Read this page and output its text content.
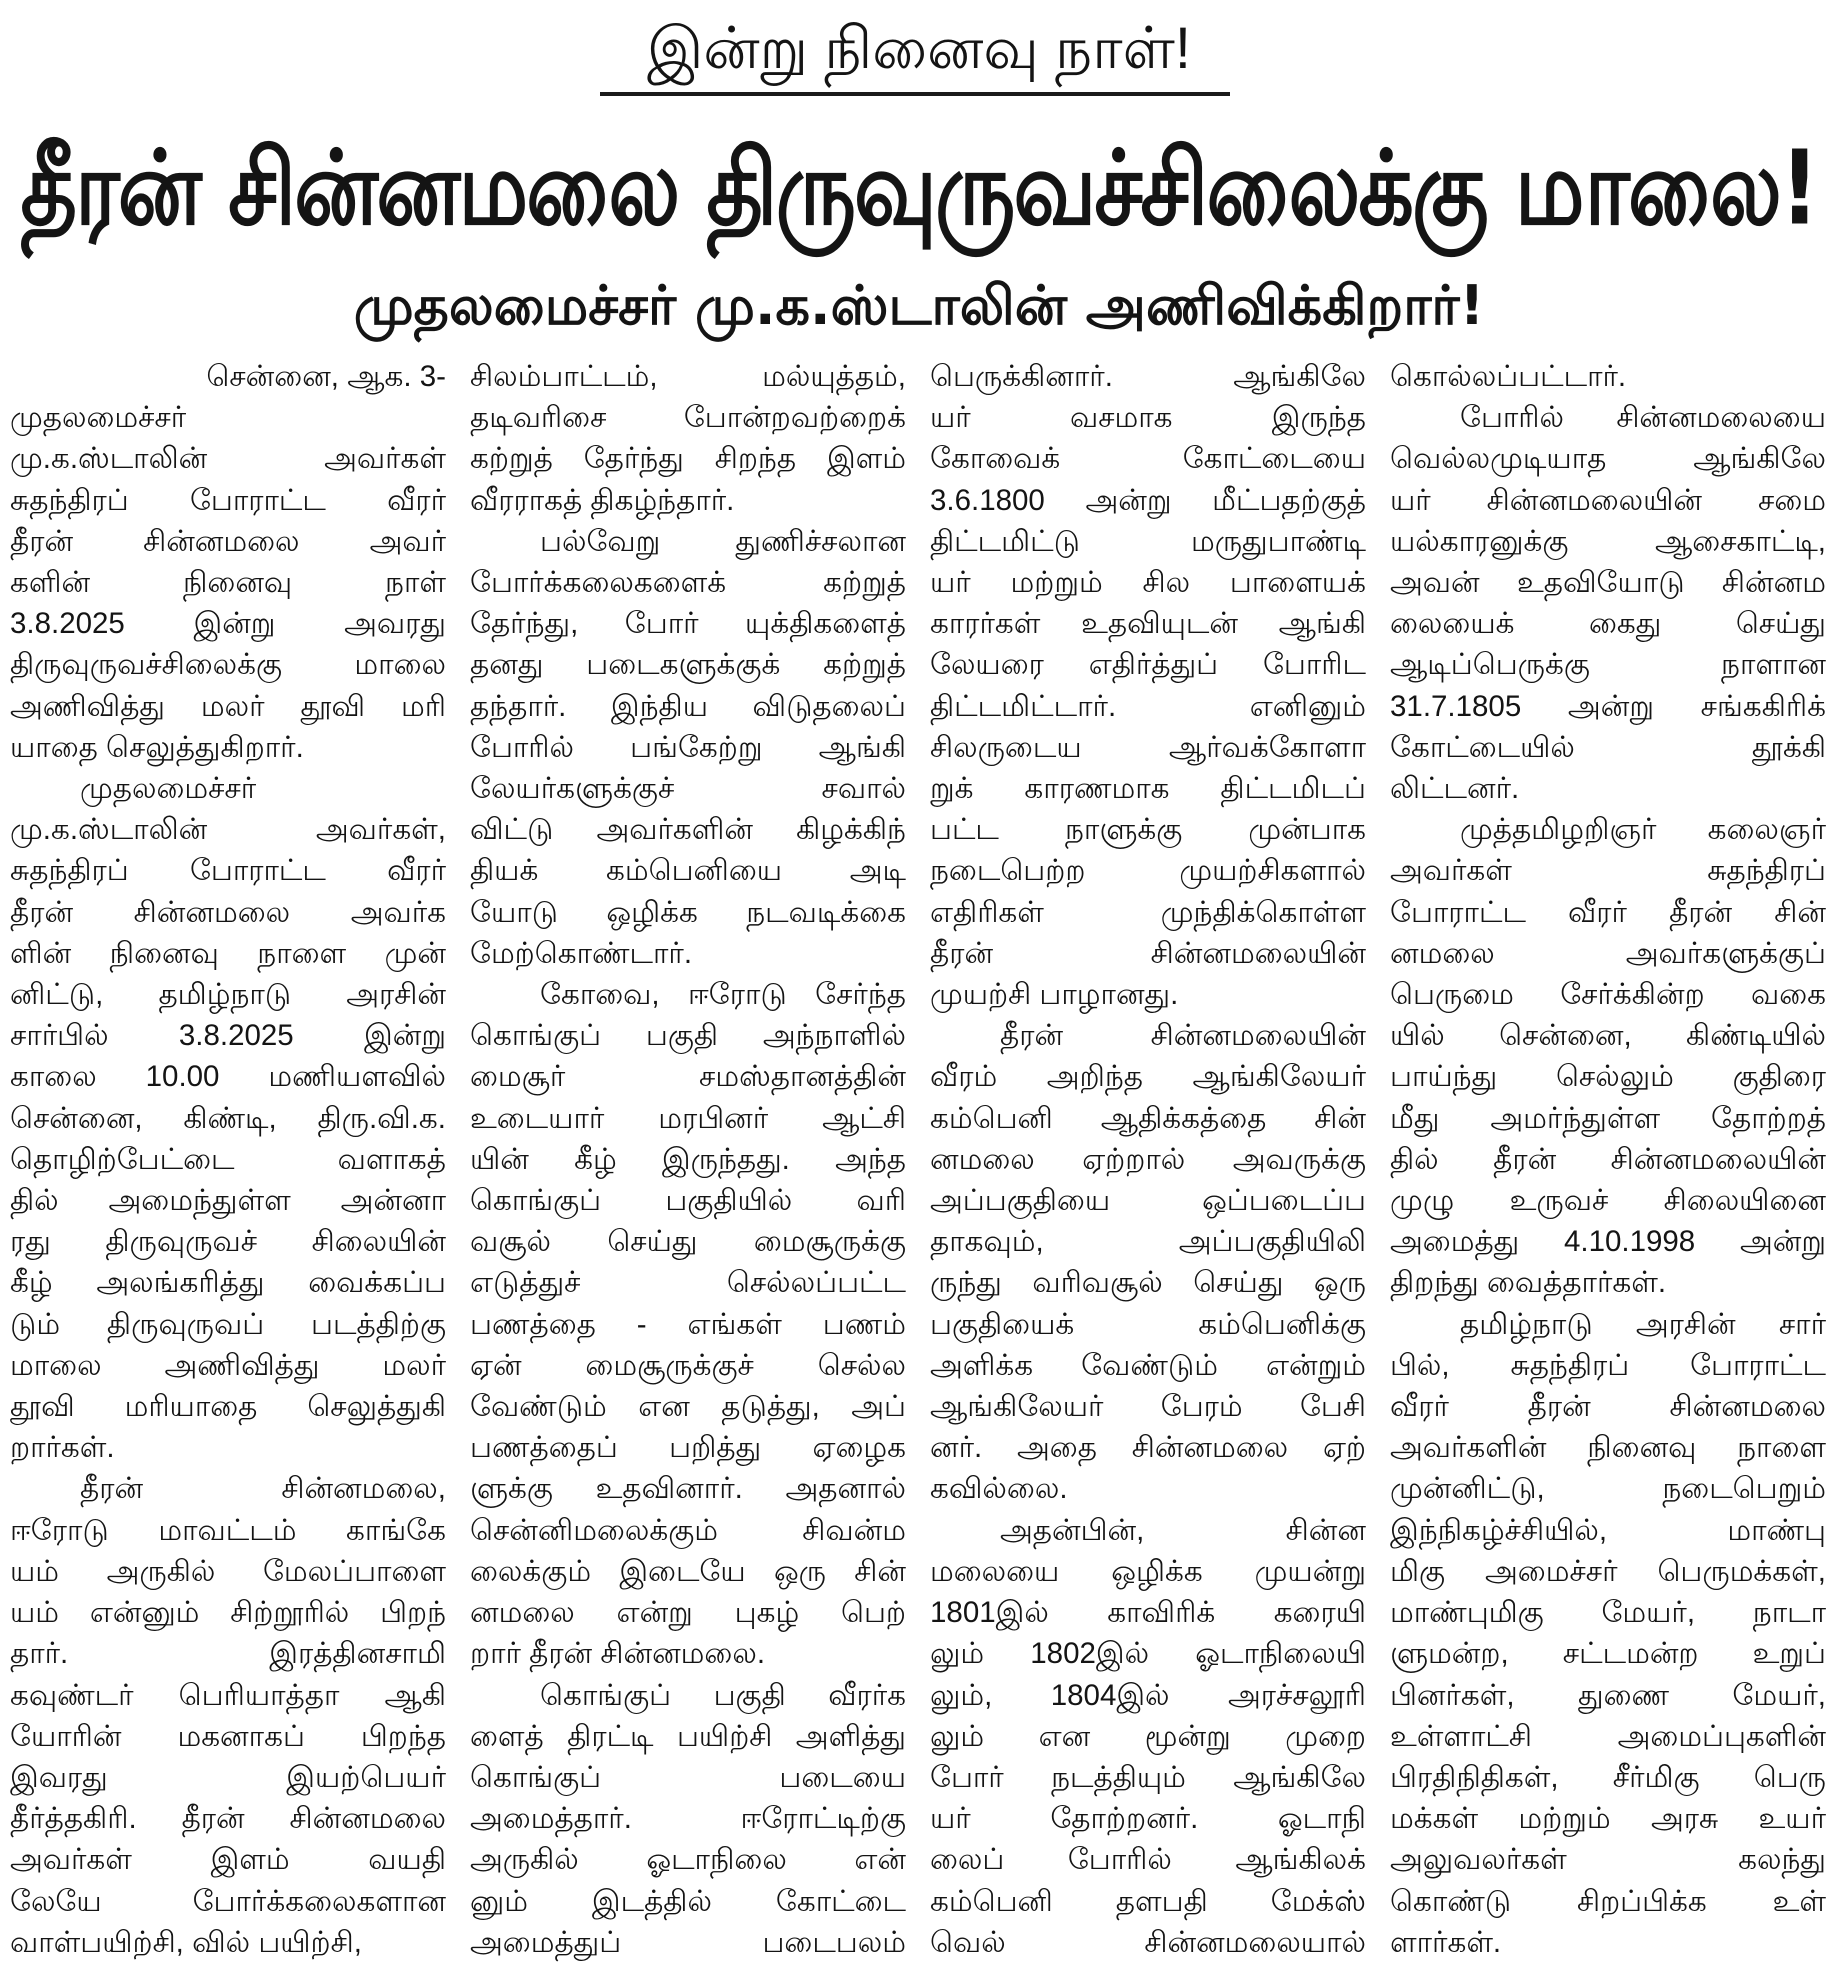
இன்று நினைவு நாள்!
தீரன் சின்னமலை திருவுருவச்சிலைக்கு மாலை!
முதலமைச்சர் மு.க.ஸ்டாலின் அணிவிக்கிறார்!

சென்னை, ஆக. 3-

முதலமைச்சர்

மு.க.ஸ்டாலின் அவர்கள்

சுதந்திரப் போராட்ட வீரர்

தீரன் சின்னமலை அவர்

களின் நினைவு நாள்

3.8.2025 இன்று அவரது

திருவுருவச்சிலைக்கு மாலை

அணிவித்து மலர் தூவி மரி

யாதை செலுத்துகிறார்.

முதலமைச்சர்

மு.க.ஸ்டாலின் அவர்கள்,

சுதந்திரப் போராட்ட வீரர்

தீரன் சின்னமலை அவர்க

ளின் நினைவு நாளை முன்

னிட்டு, தமிழ்நாடு அரசின்

சார்பில் 3.8.2025 இன்று

காலை 10.00 மணியளவில்

சென்னை, கிண்டி, திரு.வி.க.

தொழிற்பேட்டை வளாகத்

தில் அமைந்துள்ள அன்னா

ரது திருவுருவச் சிலையின்

கீழ் அலங்கரித்து வைக்கப்ப

டும் திருவுருவப் படத்திற்கு

மாலை அணிவித்து மலர்

தூவி மரியாதை செலுத்துகி

றார்கள்.

தீரன் சின்னமலை,

ஈரோடு மாவட்டம் காங்கே

யம் அருகில் மேலப்பாளை

யம் என்னும் சிற்றூரில் பிறந்

தார். இரத்தினசாமி

கவுண்டர் பெரியாத்தா ஆகி

யோரின் மகனாகப் பிறந்த

இவரது இயற்பெயர்

தீர்த்தகிரி. தீரன் சின்னமலை

அவர்கள் இளம் வயதி

லேயே போர்க்கலைகளான

வாள்பயிற்சி, வில் பயிற்சி,

சிலம்பாட்டம், மல்யுத்தம்,

தடிவரிசை போன்றவற்றைக்

கற்றுத் தேர்ந்து சிறந்த இளம்

வீரராகத் திகழ்ந்தார்.

பல்வேறு துணிச்சலான

போர்க்கலைகளைக் கற்றுத்

தேர்ந்து, போர் யுக்திகளைத்

தனது படைகளுக்குக் கற்றுத்

தந்தார். இந்திய விடுதலைப்

போரில் பங்கேற்று ஆங்கி

லேயர்களுக்குச் சவால்

விட்டு அவர்களின் கிழக்கிந்

தியக் கம்பெனியை அடி

யோடு ஒழிக்க நடவடிக்கை

மேற்கொண்டார்.

கோவை, ஈரோடு சேர்ந்த

கொங்குப் பகுதி அந்நாளில்

மைசூர் சமஸ்தானத்தின்

உடையார் மரபினர் ஆட்சி

யின் கீழ் இருந்தது. அந்த

கொங்குப் பகுதியில் வரி

வசூல் செய்து மைசூருக்கு

எடுத்துச் செல்லப்பட்ட

பணத்தை - எங்கள் பணம்

ஏன் மைசூருக்குச் செல்ல

வேண்டும் என தடுத்து, அப்

பணத்தைப் பறித்து ஏழைக

ளுக்கு உதவினார். அதனால்

சென்னிமலைக்கும் சிவன்ம

லைக்கும் இடையே ஒரு சின்

னமலை என்று புகழ் பெற்

றார் தீரன் சின்னமலை.

கொங்குப் பகுதி வீரர்க

ளைத் திரட்டி பயிற்சி அளித்து

கொங்குப் படையை

அமைத்தார். ஈரோட்டிற்கு

அருகில் ஓடாநிலை என்

னும் இடத்தில் கோட்டை

அமைத்துப் படைபலம்

பெருக்கினார். ஆங்கிலே

யர் வசமாக இருந்த

கோவைக் கோட்டையை

3.6.1800 அன்று மீட்பதற்குத்

திட்டமிட்டு மருதுபாண்டி

யர் மற்றும் சில பாளையக்

காரர்கள் உதவியுடன் ஆங்கி

லேயரை எதிர்த்துப் போரிட

திட்டமிட்டார். எனினும்

சிலருடைய ஆர்வக்கோளா

றுக் காரணமாக திட்டமிடப்

பட்ட நாளுக்கு முன்பாக

நடைபெற்ற முயற்சிகளால்

எதிரிகள் முந்திக்கொள்ள

தீரன் சின்னமலையின்

முயற்சி பாழானது.

தீரன் சின்னமலையின்

வீரம் அறிந்த ஆங்கிலேயர்

கம்பெனி ஆதிக்கத்தை சின்

னமலை ஏற்றால் அவருக்கு

அப்பகுதியை ஒப்படைப்ப

தாகவும், அப்பகுதியிலி

ருந்து வரிவசூல் செய்து ஒரு

பகுதியைக் கம்பெனிக்கு

அளிக்க வேண்டும் என்றும்

ஆங்கிலேயர் பேரம் பேசி

னர். அதை சின்னமலை ஏற்

கவில்லை.

அதன்பின், சின்ன

மலையை ஒழிக்க முயன்று

1801இல் காவிரிக் கரையி

லும் 1802இல் ஓடாநிலையி

லும், 1804இல் அரச்சலூரி

லும் என மூன்று முறை

போர் நடத்தியும் ஆங்கிலே

யர் தோற்றனர். ஓடாநி

லைப் போரில் ஆங்கிலக்

கம்பெனி தளபதி மேக்ஸ்

வெல் சின்னமலையால்

கொல்லப்பட்டார்.

போரில் சின்னமலையை

வெல்லமுடியாத ஆங்கிலே

யர் சின்னமலையின் சமை

யல்காரனுக்கு ஆசைகாட்டி,

அவன் உதவியோடு சின்னம

லையைக் கைது செய்து

ஆடிப்பெருக்கு நாளான

31.7.1805 அன்று சங்ககிரிக்

கோட்டையில் தூக்கி

லிட்டனர்.

முத்தமிழறிஞர் கலைஞர்

அவர்கள் சுதந்திரப்

போராட்ட வீரர் தீரன் சின்

னமலை அவர்களுக்குப்

பெருமை சேர்க்கின்ற வகை

யில் சென்னை, கிண்டியில்

பாய்ந்து செல்லும் குதிரை

மீது அமர்ந்துள்ள தோற்றத்

தில் தீரன் சின்னமலையின்

முழு உருவச் சிலையினை

அமைத்து 4.10.1998 அன்று

திறந்து வைத்தார்கள்.

தமிழ்நாடு அரசின் சார்

பில், சுதந்திரப் போராட்ட

வீரர் தீரன் சின்னமலை

அவர்களின் நினைவு நாளை

முன்னிட்டு, நடைபெறும்

இந்நிகழ்ச்சியில், மாண்பு

மிகு அமைச்சர் பெருமக்கள்,

மாண்புமிகு மேயர், நாடா

ளுமன்ற, சட்டமன்ற உறுப்

பினர்கள், துணை மேயர்,

உள்ளாட்சி அமைப்புகளின்

பிரதிநிதிகள், சீர்மிகு பெரு

மக்கள் மற்றும் அரசு உயர்

அலுவலர்கள் கலந்து

கொண்டு சிறப்பிக்க உள்

ளார்கள்.
